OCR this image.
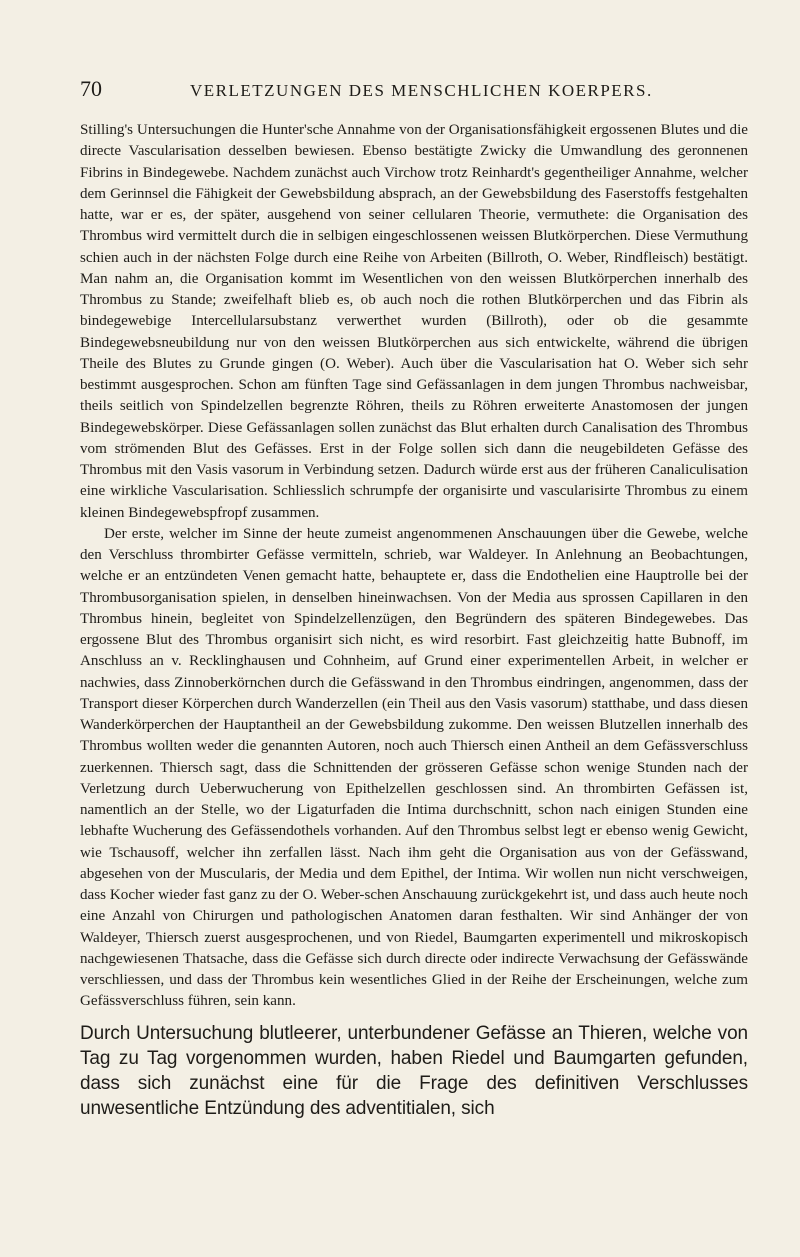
70	VERLETZUNGEN DES MENSCHLICHEN KOERPERS.

Stilling's Untersuchungen die Hunter'sche Annahme von der Organisationsfähigkeit ergossenen Blutes und die directe Vascularisation desselben bewiesen. Ebenso bestätigte Zwicky die Umwandlung des geronnenen Fibrins in Bindegewebe. Nachdem zunächst auch Virchow trotz Reinhardt's gegentheiliger Annahme, welcher dem Gerinnsel die Fähigkeit der Gewebsbildung absprach, an der Gewebsbildung des Faserstoffs festgehalten hatte, war er es, der später, ausgehend von seiner cellularen Theorie, vermuthete: die Organisation des Thrombus wird vermittelt durch die in selbigen eingeschlossenen weissen Blutkörperchen. Diese Vermuthung schien auch in der nächsten Folge durch eine Reihe von Arbeiten (Billroth, O. Weber, Rindfleisch) bestätigt. Man nahm an, die Organisation kommt im Wesentlichen von den weissen Blutkörperchen innerhalb des Thrombus zu Stande; zweifelhaft blieb es, ob auch noch die rothen Blutkörperchen und das Fibrin als bindegewebige Intercellularsubstanz verwerthet wurden (Billroth), oder ob die gesammte Bindegewebsneubildung nur von den weissen Blutkörperchen aus sich entwickelte, während die übrigen Theile des Blutes zu Grunde gingen (O. Weber). Auch über die Vascularisation hat O. Weber sich sehr bestimmt ausgesprochen. Schon am fünften Tage sind Gefässanlagen in dem jungen Thrombus nachweisbar, theils seitlich von Spindelzellen begrenzte Röhren, theils zu Röhren erweiterte Anastomosen der jungen Bindegewebskörper. Diese Gefässanlagen sollen zunächst das Blut erhalten durch Canalisation des Thrombus vom strömenden Blut des Gefässes. Erst in der Folge sollen sich dann die neugebildeten Gefässe des Thrombus mit den Vasis vasorum in Verbindung setzen. Dadurch würde erst aus der früheren Canaliculisation eine wirkliche Vascularisation. Schliesslich schrumpfe der organisirte und vascularisirte Thrombus zu einem kleinen Bindegewebspfropf zusammen.

Der erste, welcher im Sinne der heute zumeist angenommenen Anschauungen über die Gewebe, welche den Verschluss thrombirter Gefässe vermitteln, schrieb, war Waldeyer. In Anlehnung an Beobachtungen, welche er an entzündeten Venen gemacht hatte, behauptete er, dass die Endothelien eine Hauptrolle bei der Thrombusorganisation spielen, in denselben hineinwachsen. Von der Media aus sprossen Capillaren in den Thrombus hinein, begleitet von Spindelzellenzügen, den Begründern des späteren Bindegewebes. Das ergossene Blut des Thrombus organisirt sich nicht, es wird resorbirt. Fast gleichzeitig hatte Bubnoff, im Anschluss an v. Recklinghausen und Cohnheim, auf Grund einer experimentellen Arbeit, in welcher er nachwies, dass Zinnoberkörnchen durch die Gefässwand in den Thrombus eindringen, angenommen, dass der Transport dieser Körperchen durch Wanderzellen (ein Theil aus den Vasis vasorum) statthabe, und dass diesen Wanderkörperchen der Hauptantheil an der Gewebsbildung zukomme. Den weissen Blutzellen innerhalb des Thrombus wollten weder die genannten Autoren, noch auch Thiersch einen Antheil an dem Gefässverschluss zuerkennen. Thiersch sagt, dass die Schnittenden der grösseren Gefässe schon wenige Stunden nach der Verletzung durch Ueberwucherung von Epithelzellen geschlossen sind. An thrombirten Gefässen ist, namentlich an der Stelle, wo der Ligaturfaden die Intima durchschnitt, schon nach einigen Stunden eine lebhafte Wucherung des Gefässendothels vorhanden. Auf den Thrombus selbst legt er ebenso wenig Gewicht, wie Tschausoff, welcher ihn zerfallen lässt. Nach ihm geht die Organisation aus von der Gefässwand, abgesehen von der Muscularis, der Media und dem Epithel, der Intima. Wir wollen nun nicht verschweigen, dass Kocher wieder fast ganz zu der O. Weber-schen Anschauung zurückgekehrt ist, und dass auch heute noch eine Anzahl von Chirurgen und pathologischen Anatomen daran festhalten. Wir sind Anhänger der von Waldeyer, Thiersch zuerst ausgesprochenen, und von Riedel, Baumgarten experimentell und mikroskopisch nachgewiesenen Thatsache, dass die Gefässe sich durch directe oder indirecte Verwachsung der Gefässwände verschliessen, und dass der Thrombus kein wesentliches Glied in der Reihe der Erscheinungen, welche zum Gefässverschluss führen, sein kann.

Durch Untersuchung blutleerer, unterbundener Gefässe an Thieren, welche von Tag zu Tag vorgenommen wurden, haben Riedel und Baumgarten gefunden, dass sich zunächst eine für die Frage des definitiven Verschlusses unwesentliche Entzündung des adventitialen, sich
